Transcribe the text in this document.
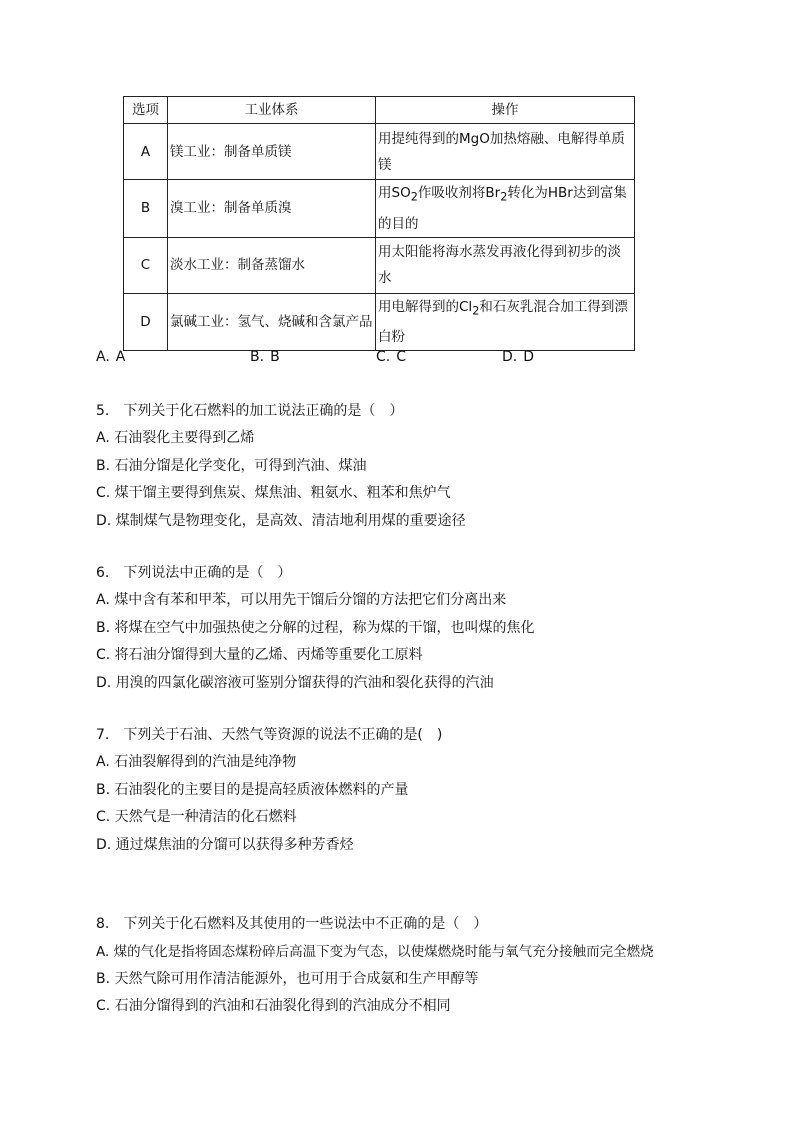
选项	工业体系	操作
A	镁工业：制备单质镁	用提纯得到的MgO加热熔融、电解得单质镁
B	溴工业：制备单质溴	用$SO_2$作吸收剂将$Br_2$转化为HBr达到富集的目的
C	淡水工业：制备蒸馏水	用太阳能将海水蒸发再液化得到初步的淡水
D	氯碱工业：氢气、烧碱和含氯产品	用电解得到的$Cl_2$和石灰乳混合加工得到漂白粉
A. A	B. B	C. C	D. D
5.　下列关于化石燃料的加工说法正确的是（　）
A. 石油裂化主要得到乙烯
B. 石油分馏是化学变化，可得到汽油、煤油
C. 煤干馏主要得到焦炭、煤焦油、粗氨水、粗苯和焦炉气
D. 煤制煤气是物理变化，是高效、清洁地利用煤的重要途径
6.　下列说法中正确的是（　）
A. 煤中含有苯和甲苯，可以用先干馏后分馏的方法把它们分离出来
B. 将煤在空气中加强热使之分解的过程，称为煤的干馏，也叫煤的焦化
C. 将石油分馏得到大量的乙烯、丙烯等重要化工原料
D. 用溴的四氯化碳溶液可鉴别分馏获得的汽油和裂化获得的汽油
7.　下列关于石油、天然气等资源的说法不正确的是(　)
A. 石油裂解得到的汽油是纯净物
B. 石油裂化的主要目的是提高轻质液体燃料的产量
C. 天然气是一种清洁的化石燃料
D. 通过煤焦油的分馏可以获得多种芳香烃
8.　下列关于化石燃料及其使用的一些说法中不正确的是（　）
A. 煤的气化是指将固态煤粉碎后高温下变为气态，以使煤燃烧时能与氧气充分接触而完全燃烧
B. 天然气除可用作清洁能源外，也可用于合成氨和生产甲醇等
C. 石油分馏得到的汽油和石油裂化得到的汽油成分不相同
